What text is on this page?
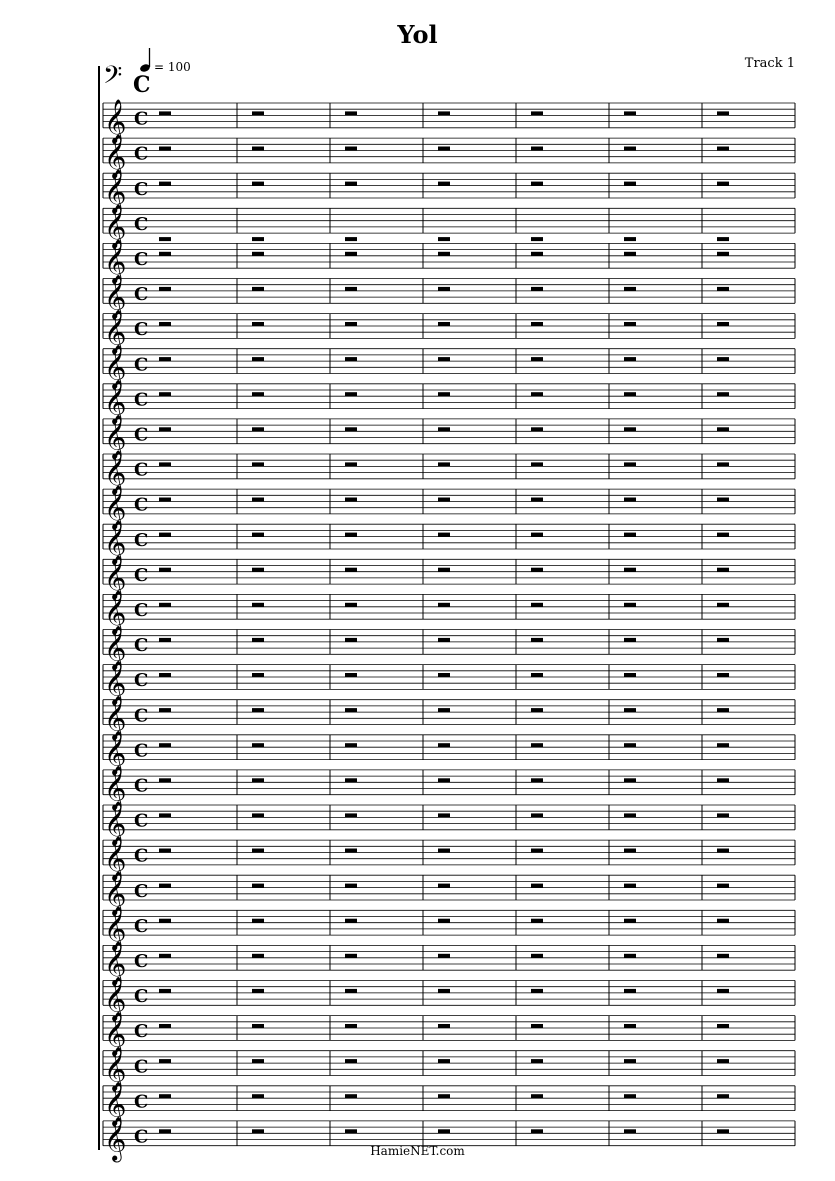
Yol
Track 1
𝄢 C
= 100
𝄞 C
𝄞 C
𝄞 C
𝄞 C
𝄞 C
𝄞 C
𝄞 C
𝄞 C
𝄞 C
𝄞 C
𝄞 C
𝄞 C
𝄞 C
𝄞 C
𝄞 C
𝄞 C
𝄞 C
𝄞 C
𝄞 C
𝄞 C
𝄞 C
𝄞 C
𝄞 C
𝄞 C
𝄞 C
𝄞 C
𝄞 C
𝄞 C
𝄞 C
𝄞 C
HamieNET.com
